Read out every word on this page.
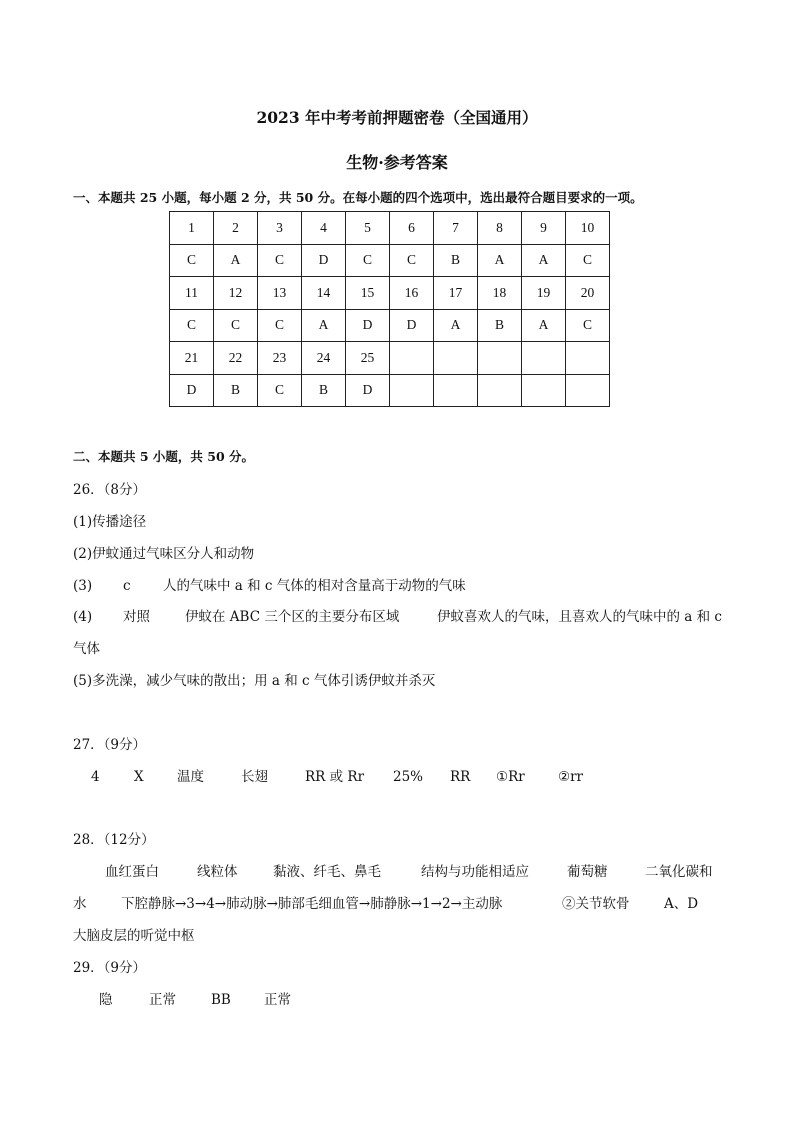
2023 年中考考前押题密卷（全国通用）
生物·参考答案
一、本题共 25 小题，每小题 2 分，共 50 分。在每小题的四个选项中，选出最符合题目要求的一项。
1	2	3	4	5	6	7	8	9	10
C	A	C	D	C	C	B	A	A	C
11	12	13	14	15	16	17	18	19	20
C	C	C	A	D	D	A	B	A	C
21	22	23	24	25					
D	B	C	B	D					
二、本题共 5 小题，共 50 分。
26．（8分）
(1)传播途径
(2)伊蚊通过气味区分人和动物
(3) c 人的气味中 a 和 c 气体的相对含量高于动物的气味
(4) 对照	伊蚊在 ABC 三个区的主要分布区域	伊蚊喜欢人的气味，且喜欢人的气味中的 a 和 c
气体
(5)多洗澡，减少气味的散出；用 a 和 c 气体引诱伊蚊并杀灭
27．（9分）
4	X 温度	长翅	RR 或 Rr 25% RR ①Rr ②rr
28．（12分）
血红蛋白	线粒体	黏液、纤毛、鼻毛	结构与功能相适应	葡萄糖	二氧化碳和
水	下腔静脉→3→4→肺动脉→肺部毛细血管→肺静脉→1→2→主动脉	②关节软骨	A、D
大脑皮层的听觉中枢
29．（9分）
隐	正常	BB 正常
